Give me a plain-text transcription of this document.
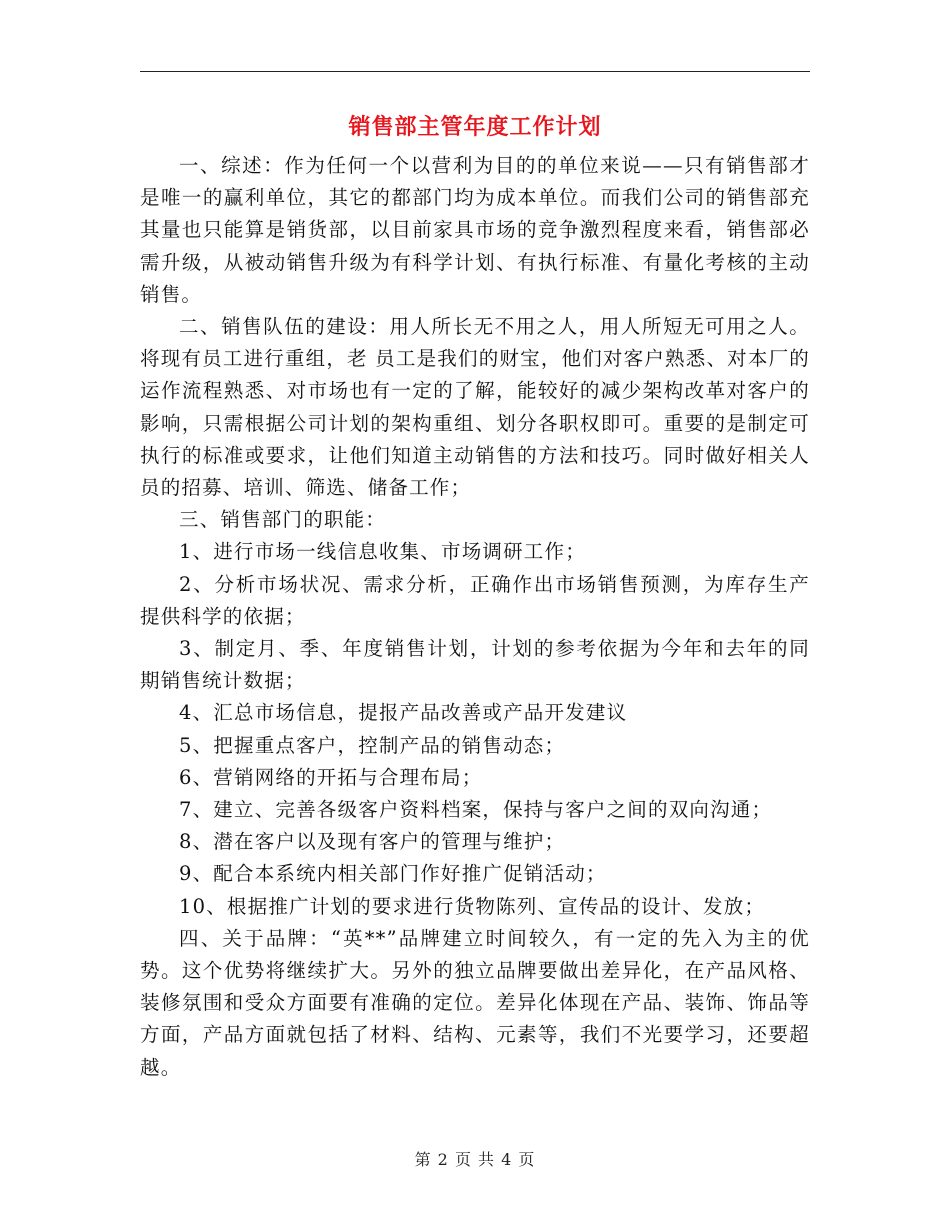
销售部主管年度工作计划

一、综述：作为任何一个以营利为目的的单位来说——只有销售部才是唯一的赢利单位，其它的都部门均为成本单位。而我们公司的销售部充其量也只能算是销货部，以目前家具市场的竞争激烈程度来看，销售部必需升级，从被动销售升级为有科学计划、有执行标准、有量化考核的主动销售。

二、销售队伍的建设：用人所长无不用之人，用人所短无可用之人。将现有员工进行重组，老 员工是我们的财宝，他们对客户熟悉、对本厂的运作流程熟悉、对市场也有一定的了解，能较好的减少架构改革对客户的影响，只需根据公司计划的架构重组、划分各职权即可。重要的是制定可执行的标准或要求，让他们知道主动销售的方法和技巧。同时做好相关人员的招募、培训、筛选、储备工作；

三、销售部门的职能：

1、进行市场一线信息收集、市场调研工作；

2、分析市场状况、需求分析，正确作出市场销售预测，为库存生产提供科学的依据；

3、制定月、季、年度销售计划，计划的参考依据为今年和去年的同期销售统计数据；

4、汇总市场信息，提报产品改善或产品开发建议

5、把握重点客户，控制产品的销售动态；

6、营销网络的开拓与合理布局；

7、建立、完善各级客户资料档案，保持与客户之间的双向沟通；

8、潜在客户以及现有客户的管理与维护；

9、配合本系统内相关部门作好推广促销活动；

10、根据推广计划的要求进行货物陈列、宣传品的设计、发放；

四、关于品牌：“英**”品牌建立时间较久，有一定的先入为主的优势。这个优势将继续扩大。另外的独立品牌要做出差异化，在产品风格、装修氛围和受众方面要有准确的定位。差异化体现在产品、装饰、饰品等方面，产品方面就包括了材料、结构、元素等，我们不光要学习，还要超越。

第 2 页 共 4 页
